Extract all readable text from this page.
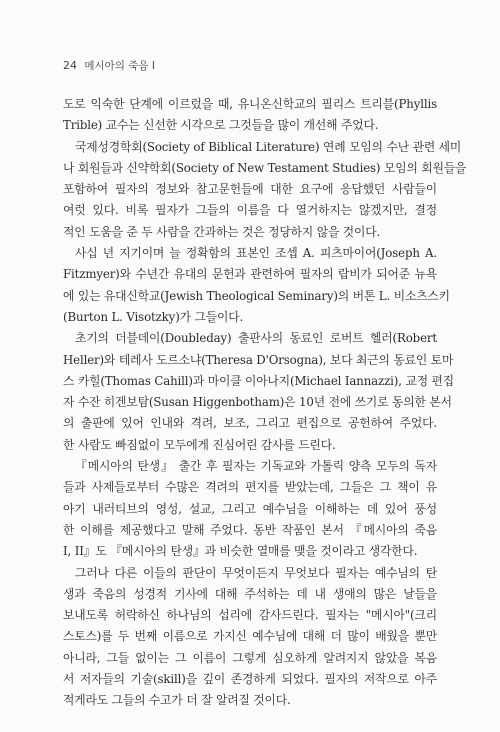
24 메시아의 죽음 I
도로 익숙한 단계에 이르렀을 때, 유니온신학교의 필리스 트리블(Phyllis
Trible) 교수는 신선한 시각으로 그것들을 많이 개선해 주었다.
국제성경학회(Society of Biblical Literature) 연례 모임의 수난 관련 세미
나 회원들과 신약학회(Society of New Testament Studies) 모임의 회원들을
포함하여 필자의 정보와 참고문헌들에 대한 요구에 응답했던 사람들이
여럿 있다. 비록 필자가 그들의 이름을 다 열거하지는 않겠지만, 결정
적인 도움을 준 두 사람을 간과하는 것은 정당하지 않을 것이다.
사십 년 지기이며 늘 정확함의 표본인 조셉 A. 피츠마이어(Joseph A.
Fitzmyer)와 수년간 유대의 문헌과 관련하여 필자의 랍비가 되어준 뉴욕
에 있는 유대신학교(Jewish Theological Seminary)의 버톤 L. 비소츠스키
(Burton L. Visotzky)가 그들이다.
초기의 더블데이(Doubleday) 출판사의 동료인 로버트 헬러(Robert
Heller)와 테레사 도르소냐(Theresa D'Orsogna), 보다 최근의 동료인 토마
스 카힐(Thomas Cahill)과 마이클 이아나지(Michael Iannazzi), 교정 편집
자 수잔 히겐보탐(Susan Higgenbotham)은 10년 전에 쓰기로 동의한 본서
의 출판에 있어 인내와 격려, 보조, 그리고 편집으로 공헌하여 주었다.
한 사람도 빠짐없이 모두에게 진심어린 감사를 드린다.
『메시아의 탄생』 출간 후 필자는 기독교와 가톨릭 양측 모두의 독자
들과 사제들로부터 수많은 격려의 편지를 받았는데, 그들은 그 책이 유
아기 내러티브의 영성, 설교, 그리고 예수님을 이해하는 데 있어 풍성
한 이해를 제공했다고 말해 주었다. 동반 작품인 본서 『메시아의 죽음
I, II』도 『메시아의 탄생』과 비슷한 열매를 맺을 것이라고 생각한다.
그러나 다른 이들의 판단이 무엇이든지 무엇보다 필자는 예수님의 탄
생과 죽음의 성경적 기사에 대해 주석하는 데 내 생애의 많은 날들을
보내도록 허락하신 하나님의 섭리에 감사드린다. 필자는 "메시아"(크리
스토스)를 두 번째 이름으로 가지신 예수님에 대해 더 많이 배웠을 뿐만
아니라, 그들 없이는 그 이름이 그렇게 심오하게 알려지지 않았을 복음
서 저자들의 기술(skill)을 깊이 존경하게 되었다. 필자의 저작으로 아주
적게라도 그들의 수고가 더 잘 알려질 것이다.
